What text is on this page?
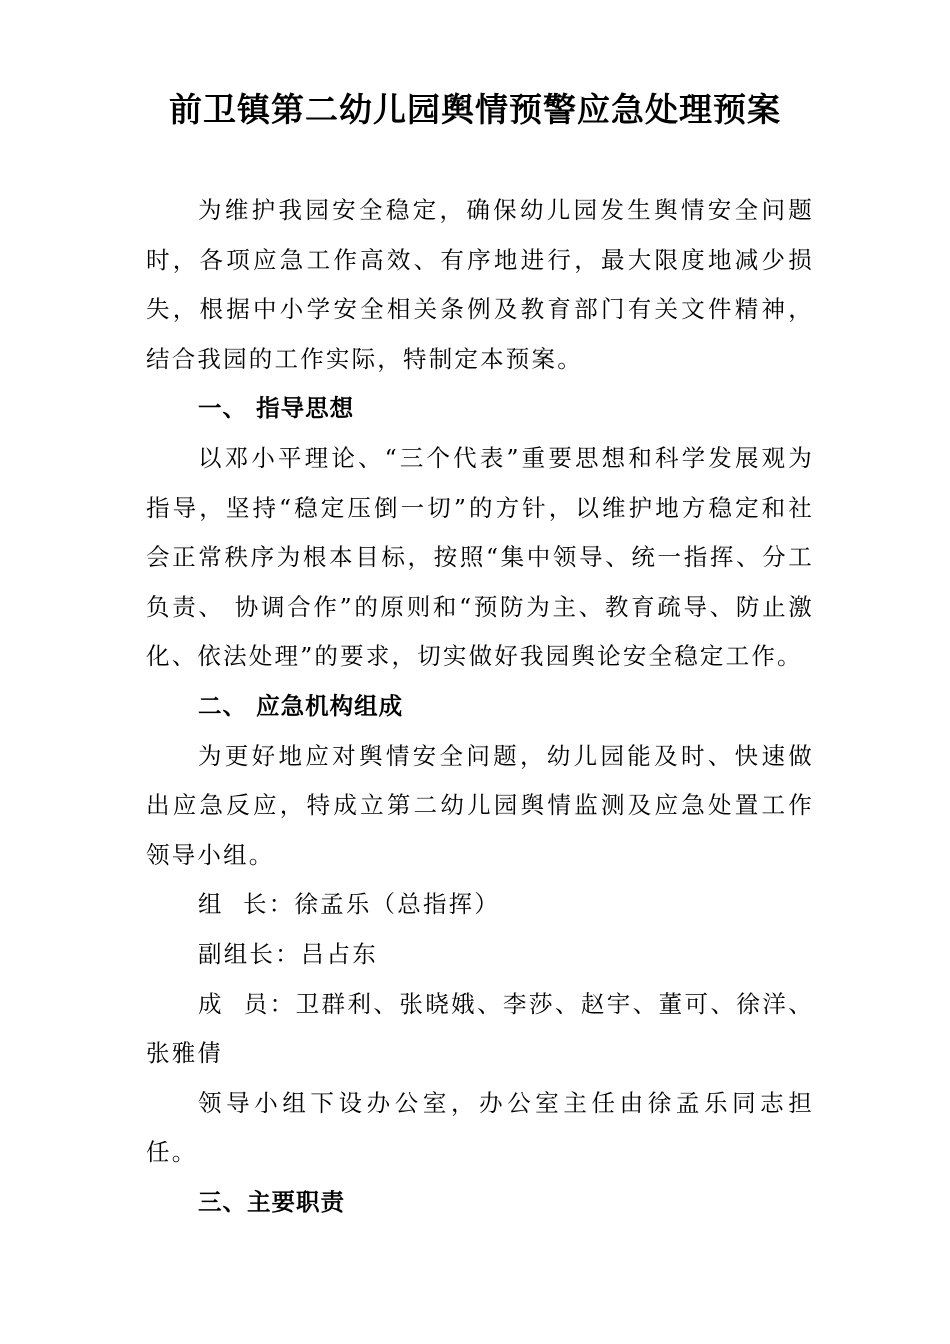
前卫镇第二幼儿园舆情预警应急处理预案

为维护我园安全稳定，确保幼儿园发生舆情安全问题时，各项应急工作高效、有序地进行，最大限度地减少损失，根据中小学安全相关条例及教育部门有关文件精神，结合我园的工作实际，特制定本预案。

一、 指导思想

以邓小平理论、“三个代表”重要思想和科学发展观为指导，坚持“稳定压倒一切”的方针，以维护地方稳定和社会正常秩序为根本目标，按照“集中领导、统一指挥、分工负责、 协调合作”的原则和“预防为主、教育疏导、防止激化、依法处理”的要求，切实做好我园舆论安全稳定工作。

二、 应急机构组成

为更好地应对舆情安全问题，幼儿园能及时、快速做出应急反应，特成立第二幼儿园舆情监测及应急处置工作领导小组。

组  长：徐孟乐（总指挥）

副组长：吕占东

成  员：卫群利、张晓娥、李莎、赵宇、董可、徐洋、张雅倩

领导小组下设办公室，办公室主任由徐孟乐同志担任。

三、主要职责
